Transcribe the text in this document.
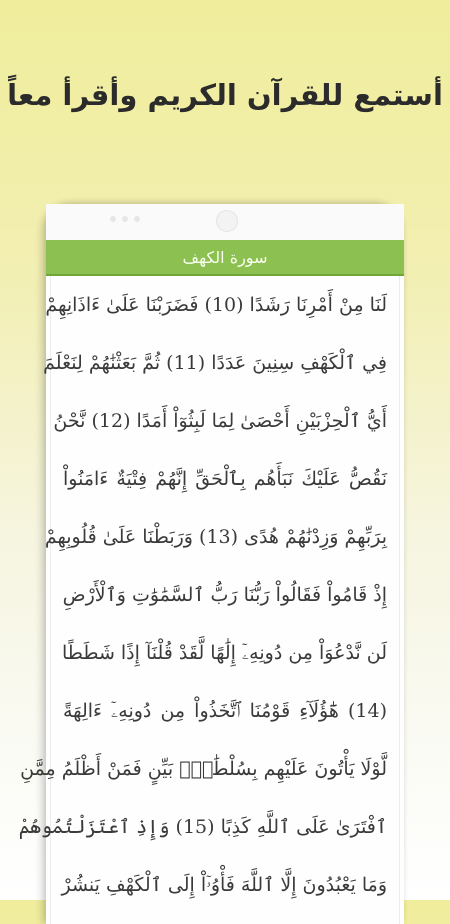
أستمع للقرآن الكريم وأقرأ معاً
سورة الكهف
لَنَا مِنْ أَمْرِنَا رَشَدًا (10) فَضَرَبْنَا عَلَىٰ ءَاذَانِهِمْ
فِي ٱلْكَهْفِ سِنِينَ عَدَدًا (11) ثُمَّ بَعَثْنَٰهُمْ لِنَعْلَمَ
أَيُّ ٱلْحِزْبَيْنِ أَحْصَىٰ لِمَا لَبِثُوٓاْ أَمَدًا (12) نَّحْنُ
نَقُصُّ عَلَيْكَ نَبَأَهُم بِٱلْحَقِّ إِنَّهُمْ فِتْيَةٌ ءَامَنُواْ
بِرَبِّهِمْ وَزِدْنَٰهُمْ هُدًى (13) وَرَبَطْنَا عَلَىٰ قُلُوبِهِمْ
إِذْ قَامُواْ فَقَالُواْ رَبُّنَا رَبُّ ٱلسَّمَٰوَٰتِ وَٱلْأَرْضِ
لَن نَّدْعُوَاْ مِن دُونِهِۦٓ إِلَٰهًا لَّقَدْ قُلْنَآ إِذًا شَطَطًا
(14) هَٰٓؤُلَآءِ قَوْمُنَا ٱتَّخَذُواْ مِن دُونِهِۦٓ ءَالِهَةً
لَّوْلَا يَأْتُونَ عَلَيْهِم بِسُلْطَٰنٍۭ بَيِّنٍ فَمَنْ أَظْلَمُ مِمَّنِ
ٱفْتَرَىٰ عَلَى ٱللَّهِ كَذِبًا (15) وَإِذِ ٱعْتَزَلْتُمُوهُمْ
وَمَا يَعْبُدُونَ إِلَّا ٱللَّهَ فَأْوُۥٓاْ إِلَى ٱلْكَهْفِ يَنشُرْ
